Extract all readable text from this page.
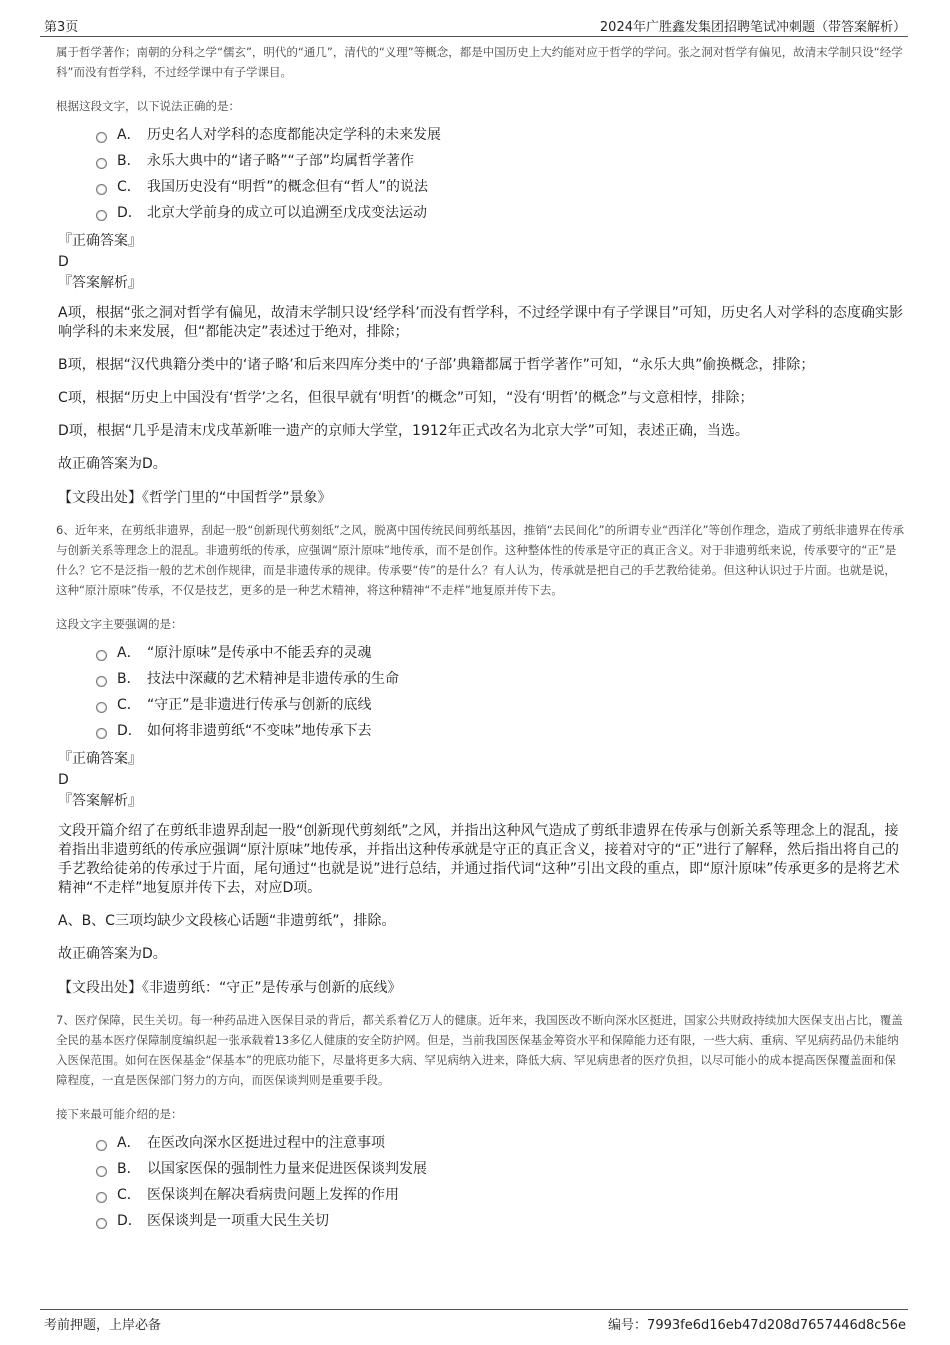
第3页	2024年广胜鑫发集团招聘笔试冲刺题（带答案解析）

属于哲学著作；南朝的分科之学“儒玄”，明代的“通几”，清代的“义理”等概念，都是中国历史上大约能对应于哲学的学问。张之洞对哲学有偏见，故清末学制只设“经学科”而没有哲学科，不过经学课中有子学课目。

根据这段文字，以下说法正确的是：

A． 历史名人对学科的态度都能决定学科的未来发展
B． 永乐大典中的“诸子略”“子部”均属哲学著作
C． 我国历史没有“明哲”的概念但有“哲人”的说法
D． 北京大学前身的成立可以追溯至戊戌变法运动
『正确答案』
D
『答案解析』
A项，根据“张之洞对哲学有偏见，故清末学制只设‘经学科’而没有哲学科，不过经学课中有子学课目”可知，历史名人对学科的态度确实影响学科的未来发展，但“都能决定”表述过于绝对，排除；
B项，根据“汉代典籍分类中的‘诸子略’和后来四库分类中的‘子部’典籍都属于哲学著作”可知，“永乐大典”偷换概念，排除；
C项，根据“历史上中国没有‘哲学’之名，但很早就有‘明哲’的概念”可知，“没有‘明哲’的概念”与文意相悖，排除；
D项，根据“几乎是清末戊戌革新唯一遗产的京师大学堂，1912年正式改名为北京大学”可知，表述正确，当选。
故正确答案为D。
【文段出处】《哲学门里的“中国哲学”景象》

6、近年来，在剪纸非遗界，刮起一股“创新现代剪刻纸”之风，脱离中国传统民间剪纸基因，推销“去民间化”的所谓专业“西洋化”等创作理念，造成了剪纸非遗界在传承与创新关系等理念上的混乱。非遗剪纸的传承，应强调“原汁原味”地传承，而不是创作。这种整体性的传承是守正的真正含义。对于非遗剪纸来说，传承要守的“正”是什么？它不是泛指一般的艺术创作规律，而是非遗传承的规律。传承要“传”的是什么？有人认为，传承就是把自己的手艺教给徒弟。但这种认识过于片面。也就是说，这种“原汁原味”传承，不仅是技艺，更多的是一种艺术精神，将这种精神“不走样”地复原并传下去。

这段文字主要强调的是：

A． “原汁原味”是传承中不能丢弃的灵魂
B． 技法中深藏的艺术精神是非遗传承的生命
C． “守正”是非遗进行传承与创新的底线
D． 如何将非遗剪纸“不变味”地传承下去
『正确答案』
D
『答案解析』
文段开篇介绍了在剪纸非遗界刮起一股“创新现代剪刻纸”之风，并指出这种风气造成了剪纸非遗界在传承与创新关系等理念上的混乱，接着指出非遗剪纸的传承应强调“原汁原味”地传承，并指出这种传承就是守正的真正含义，接着对守的“正”进行了解释，然后指出将自己的手艺教给徒弟的传承过于片面，尾句通过“也就是说”进行总结，并通过指代词“这种”引出文段的重点，即“原汁原味”传承更多的是将艺术精神“不走样”地复原并传下去，对应D项。
A、B、C三项均缺少文段核心话题“非遗剪纸”，排除。
故正确答案为D。
【文段出处】《非遗剪纸：“守正”是传承与创新的底线》

7、医疗保障，民生关切。每一种药品进入医保目录的背后，都关系着亿万人的健康。近年来，我国医改不断向深水区挺进，国家公共财政持续加大医保支出占比，覆盖全民的基本医疗保障制度编织起一张承载着13多亿人健康的安全防护网。但是，当前我国医保基金筹资水平和保障能力还有限，一些大病、重病、罕见病药品仍未能纳入医保范围。如何在医保基金“保基本”的兜底功能下，尽量将更多大病、罕见病纳入进来，降低大病、罕见病患者的医疗负担，以尽可能小的成本提高医保覆盖面和保障程度，一直是医保部门努力的方向，而医保谈判则是重要手段。

接下来最可能介绍的是：

A． 在医改向深水区挺进过程中的注意事项
B． 以国家医保的强制性力量来促进医保谈判发展
C． 医保谈判在解决看病贵问题上发挥的作用
D． 医保谈判是一项重大民生关切
考前押题，上岸必备	编号：7993fe6d16eb47d208d7657446d8c56e
